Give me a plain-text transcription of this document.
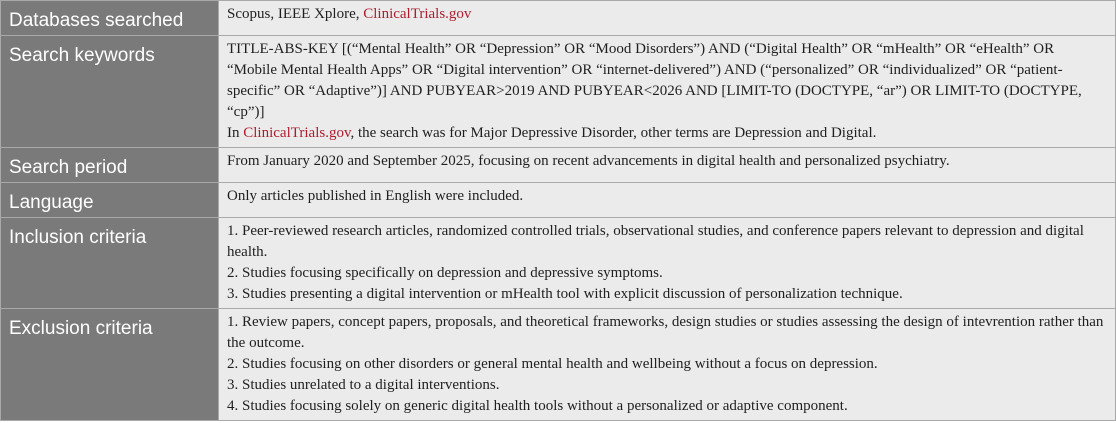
Databases searched	Scopus, IEEE Xplore, ClinicalTrials.gov
Search keywords	TITLE-ABS-KEY [(“Mental Health” OR “Depression” OR “Mood Disorders”) AND (“Digital Health” OR “mHealth” OR “eHealth” OR “Mobile Mental Health Apps” OR “Digital intervention” OR “internet-delivered”) AND (“personalized” OR “individualized” OR “patient-specific” OR “Adaptive”)] AND PUBYEAR>2019 AND PUBYEAR<2026 AND [LIMIT-TO (DOCTYPE, “ar”) OR LIMIT-TO (DOCTYPE, “cp”)]
In ClinicalTrials.gov, the search was for Major Depressive Disorder, other terms are Depression and Digital.

Search period	From January 2020 and September 2025, focusing on recent advancements in digital health and personalized psychiatry.
Language	Only articles published in English were included.
Inclusion criteria	1. Peer-reviewed research articles, randomized controlled trials, observational studies, and conference papers relevant to depression and digital health.
2. Studies focusing specifically on depression and depressive symptoms.
3. Studies presenting a digital intervention or mHealth tool with explicit discussion of personalization technique.

Exclusion criteria	1. Review papers, concept papers, proposals, and theoretical frameworks, design studies or studies assessing the design of intevrention rather than the outcome.
2. Studies focusing on other disorders or general mental health and wellbeing without a focus on depression.
3. Studies unrelated to a digital interventions.
4. Studies focusing solely on generic digital health tools without a personalized or adaptive component.
